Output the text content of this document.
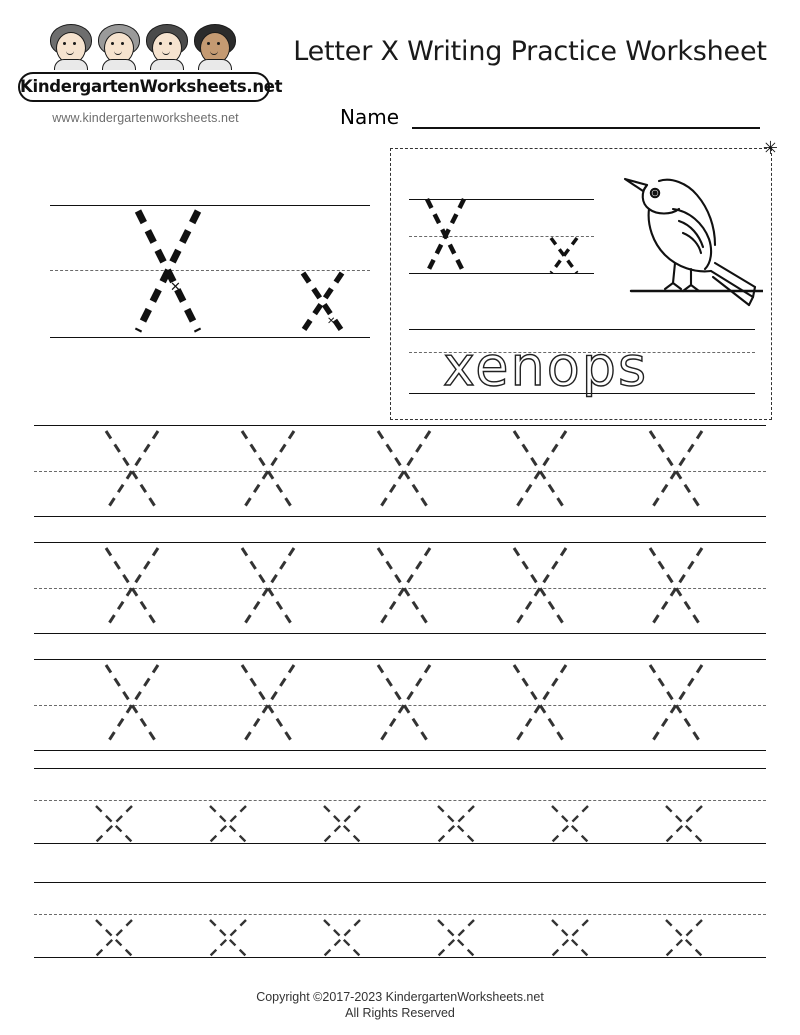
KindergartenWorksheets.net
www.kindergartenworksheets.net
Letter X Writing Practice Worksheet
Name
✕
✕
✳
xenops
Copyright ©2017-2023 KindergartenWorksheets.net
All Rights Reserved
